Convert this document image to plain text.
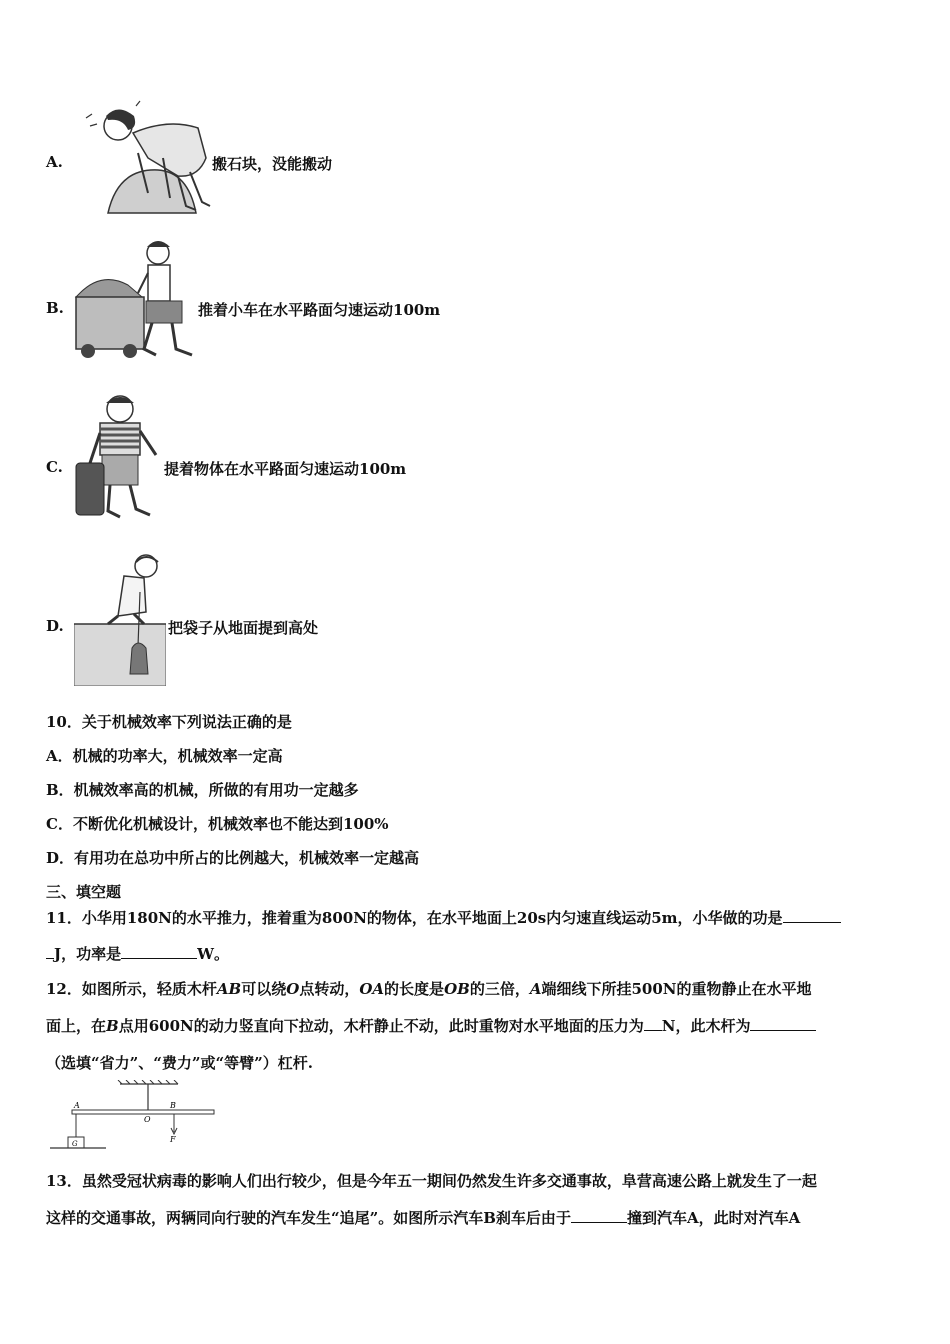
A.	搬石块，没能搬动
B.	推着小车在水平路面匀速运动100m
C.	提着物体在水平路面匀速运动100m
D.	把袋子从地面提到高处
10．关于机械效率下列说法正确的是
A．机械的功率大，机械效率一定高
B．机械效率高的机械，所做的有用功一定越多
C．不断优化机械设计，机械效率也不能达到100%
D．有用功在总功中所占的比例越大，机械效率一定越高
三、填空题
11．小华用180N的水平推力，推着重为800N的物体，在水平地面上20s内匀速直线运动5m，小华做的功是
J，功率是	W。
12．如图所示，轻质木杆AB可以绕O点转动，OA的长度是OB的三倍，A端细线下所挂500N的重物静止在水平地
面上，在B点用600N的动力竖直向下拉动，木杆静止不动，此时重物对水平地面的压力为 N，此木杆为
（选填“省力”、“费力”或“等臂”）杠杆.
A
O
B
F
G
13．虽然受冠状病毒的影响人们出行较少，但是今年五一期间仍然发生许多交通事故，阜营高速公路上就发生了一起
这样的交通事故，两辆同向行驶的汽车发生“追尾”。如图所示汽车B刹车后由于	撞到汽车A，此时对汽车A
